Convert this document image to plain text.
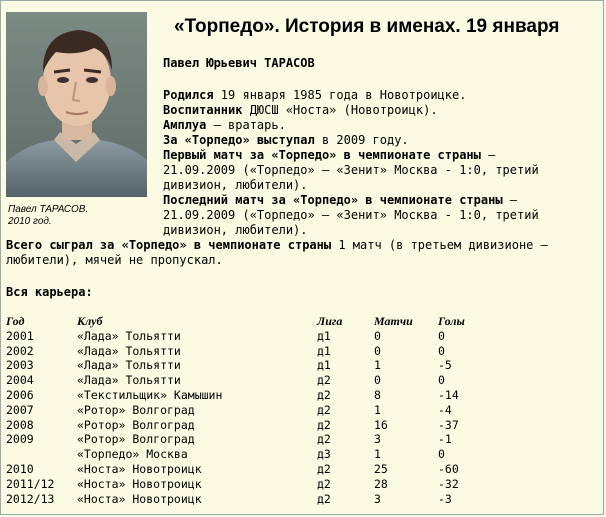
Павел ТАРАСОВ.
2010 год.
«Торпедо». История в именах. 19 января
Павел Юрьевич ТАРАСОВ

Родился 19 января 1985 года в Новотроицке.

Воспитанник ДЮСШ «Носта» (Новотроицк).

Амплуа – вратарь.

За «Торпедо» выступал в 2009 году.

Первый матч за «Торпедо» в чемпионате страны –

21.09.2009 («Торпедо» – «Зенит» Москва - 1:0, третий дивизион, любители).

Последний матч за «Торпедо» в чемпионате страны –

21.09.2009 («Торпедо» – «Зенит» Москва - 1:0, третий дивизион, любители).

Всего сыграл за «Торпедо» в чемпионате страны 1 матч (в третьем дивизионе – любители), мячей не пропускал.
Вся карьера:
Год	Клуб	Лига	Матчи	Голы
2001	«Лада» Тольятти	д1	0	0
2002	«Лада» Тольятти	д1	0	0
2003	«Лада» Тольятти	д1	1	-5
2004	«Лада» Тольятти	д2	0	0
2006	«Текстильщик» Камышин	д2	8	-14
2007	«Ротор» Волгоград	д2	1	-4
2008	«Ротор» Волгоград	д2	16	-37
2009	«Ротор» Волгоград	д2	3	-1
	«Торпедо» Москва	д3	1	0
2010	«Носта» Новотроицк	д2	25	-60
2011/12	«Носта» Новотроицк	д2	28	-32
2012/13	«Носта» Новотроицк	д2	3	-3
